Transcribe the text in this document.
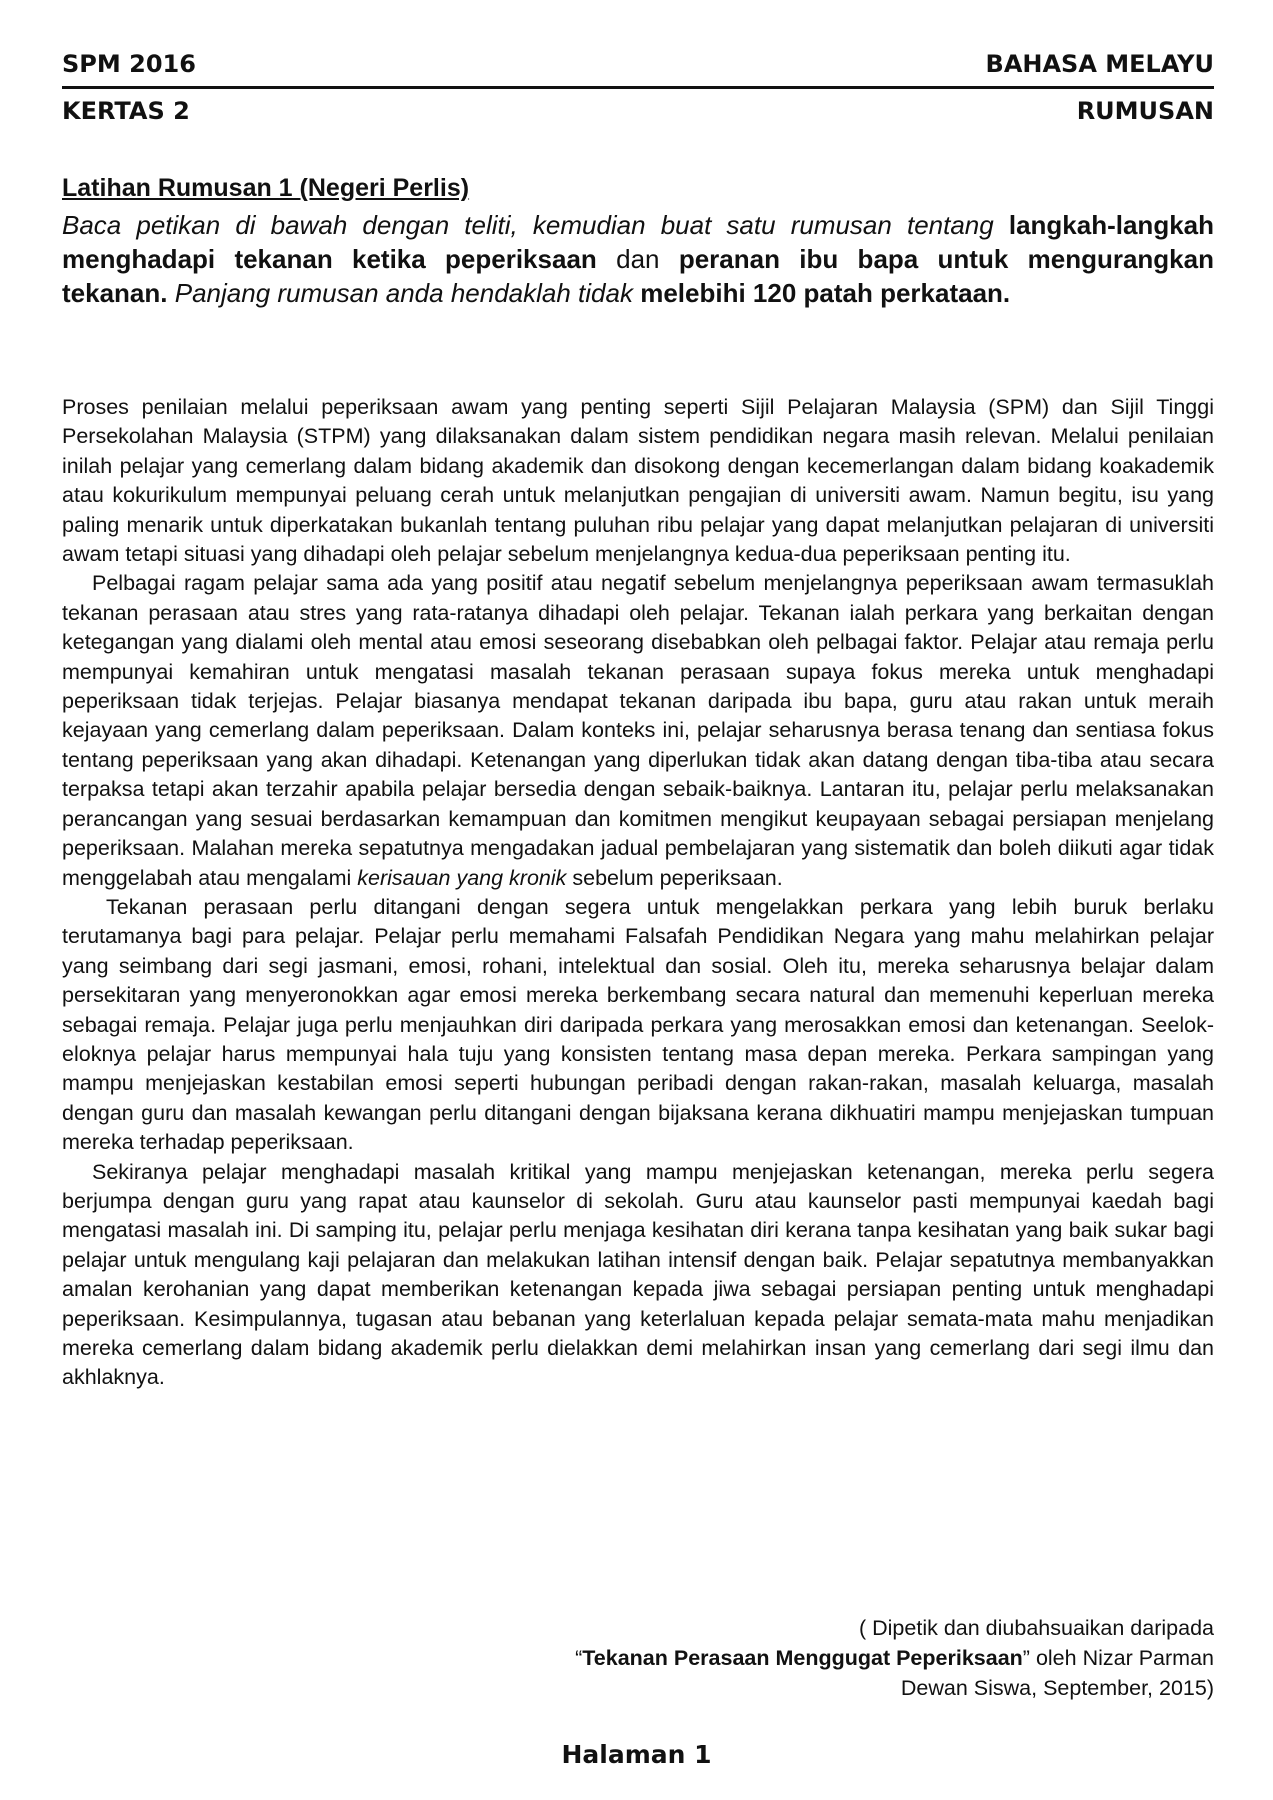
SPM 2016	BAHASA MELAYU
KERTAS 2	RUMUSAN
Latihan Rumusan 1 (Negeri Perlis)
Baca petikan di bawah dengan teliti, kemudian buat satu rumusan tentang langkah-langkah menghadapi tekanan ketika peperiksaan dan peranan ibu bapa untuk mengurangkan tekanan. Panjang rumusan anda hendaklah tidak melebihi 120 patah perkataan.

Proses penilaian melalui peperiksaan awam yang penting seperti Sijil Pelajaran Malaysia (SPM) dan Sijil Tinggi Persekolahan Malaysia (STPM) yang dilaksanakan dalam sistem pendidikan negara masih relevan. Melalui penilaian inilah pelajar yang cemerlang dalam bidang akademik dan disokong dengan kecemerlangan dalam bidang koakademik atau kokurikulum mempunyai peluang cerah untuk melanjutkan pengajian di universiti awam. Namun begitu, isu yang paling menarik untuk diperkatakan bukanlah tentang puluhan ribu pelajar yang dapat melanjutkan pelajaran di universiti awam tetapi situasi yang dihadapi oleh pelajar sebelum menjelangnya kedua-dua peperiksaan penting itu.

Pelbagai ragam pelajar sama ada yang positif atau negatif sebelum menjelangnya peperiksaan awam termasuklah tekanan perasaan atau stres yang rata-ratanya dihadapi oleh pelajar. Tekanan ialah perkara yang berkaitan dengan ketegangan yang dialami oleh mental atau emosi seseorang disebabkan oleh pelbagai faktor. Pelajar atau remaja perlu mempunyai kemahiran untuk mengatasi masalah tekanan perasaan supaya fokus mereka untuk menghadapi peperiksaan tidak terjejas. Pelajar biasanya mendapat tekanan daripada ibu bapa, guru atau rakan untuk meraih kejayaan yang cemerlang dalam peperiksaan. Dalam konteks ini, pelajar seharusnya berasa tenang dan sentiasa fokus tentang peperiksaan yang akan dihadapi. Ketenangan yang diperlukan tidak akan datang dengan tiba-tiba atau secara terpaksa tetapi akan terzahir apabila pelajar bersedia dengan sebaik-baiknya. Lantaran itu, pelajar perlu melaksanakan perancangan yang sesuai berdasarkan kemampuan dan komitmen mengikut keupayaan sebagai persiapan menjelang peperiksaan. Malahan mereka sepatutnya mengadakan jadual pembelajaran yang sistematik dan boleh diikuti agar tidak menggelabah atau mengalami kerisauan yang kronik sebelum peperiksaan.

Tekanan perasaan perlu ditangani dengan segera untuk mengelakkan perkara yang lebih buruk berlaku terutamanya bagi para pelajar. Pelajar perlu memahami Falsafah Pendidikan Negara yang mahu melahirkan pelajar yang seimbang dari segi jasmani, emosi, rohani, intelektual dan sosial. Oleh itu, mereka seharusnya belajar dalam persekitaran yang menyeronokkan agar emosi mereka berkembang secara natural dan memenuhi keperluan mereka sebagai remaja. Pelajar juga perlu menjauhkan diri daripada perkara yang merosakkan emosi dan ketenangan. Seelok-eloknya pelajar harus mempunyai hala tuju yang konsisten tentang masa depan mereka. Perkara sampingan yang mampu menjejaskan kestabilan emosi seperti hubungan peribadi dengan rakan-rakan, masalah keluarga, masalah dengan guru dan masalah kewangan perlu ditangani dengan bijaksana kerana dikhuatiri mampu menjejaskan tumpuan mereka terhadap peperiksaan.

Sekiranya pelajar menghadapi masalah kritikal yang mampu menjejaskan ketenangan, mereka perlu segera berjumpa dengan guru yang rapat atau kaunselor di sekolah. Guru atau kaunselor pasti mempunyai kaedah bagi mengatasi masalah ini. Di samping itu, pelajar perlu menjaga kesihatan diri kerana tanpa kesihatan yang baik sukar bagi pelajar untuk mengulang kaji pelajaran dan melakukan latihan intensif dengan baik. Pelajar sepatutnya membanyakkan amalan kerohanian yang dapat memberikan ketenangan kepada jiwa sebagai persiapan penting untuk menghadapi peperiksaan. Kesimpulannya, tugasan atau bebanan yang keterlaluan kepada pelajar semata-mata mahu menjadikan mereka cemerlang dalam bidang akademik perlu dielakkan demi melahirkan insan yang cemerlang dari segi ilmu dan akhlaknya.

( Dipetik dan diubahsuaikan daripada
“Tekanan Perasaan Menggugat Peperiksaan” oleh Nizar Parman
Dewan Siswa, September, 2015)
Halaman 1
